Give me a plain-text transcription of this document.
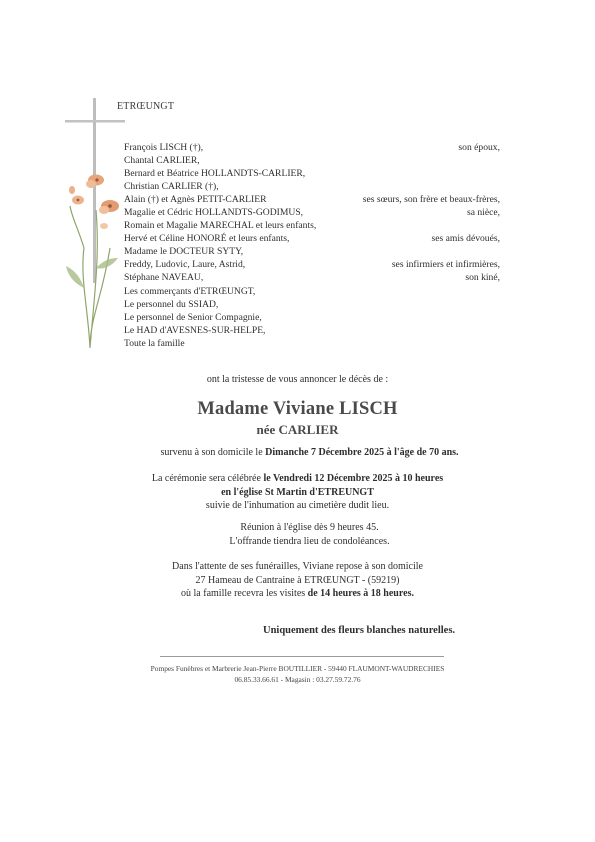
ETRŒUNGT
François LISCH (†),	son époux,
Chantal CARLIER,
Bernard et Béatrice HOLLANDTS-CARLIER,
Christian CARLIER (†),
Alain (†) et Agnès PETIT-CARLIER	ses sœurs, son frère et beaux-frères,
Magalie et Cédric HOLLANDTS-GODIMUS,	sa nièce,
Romain et Magalie MARECHAL et leurs enfants,
Hervé et Céline HONORÉ et leurs enfants,	ses amis dévoués,
Madame le DOCTEUR SYTY,
Freddy, Ludovic, Laure, Astrid,	ses infirmiers et infirmières,
Stéphane NAVEAU,	son kiné,
Les commerçants d'ETRŒUNGT,
Le personnel du SSIAD,
Le personnel de Senior Compagnie,
Le HAD d'AVESNES-SUR-HELPE,
Toute la famille
ont la tristesse de vous annoncer le décès de :
Madame Viviane LISCH
née CARLIER
survenu à son domicile le Dimanche 7 Décembre 2025 à l'âge de 70 ans.
La cérémonie sera célébrée le Vendredi 12 Décembre 2025 à 10 heures
en l'église St Martin d'ETREUNGT
suivie de l'inhumation au cimetière dudit lieu.
Réunion à l'église dès 9 heures 45.
L'offrande tiendra lieu de condoléances.
Dans l'attente de ses funérailles, Viviane repose à son domicile
27 Hameau de Cantraine à ETRŒUNGT - (59219)
où la famille recevra les visites de 14 heures à 18 heures.
Uniquement des fleurs blanches naturelles.
Pompes Funèbres et Marbrerie Jean-Pierre BOUTILLIER - 59440 FLAUMONT-WAUDRECHIES
06.85.33.66.61 - Magasin : 03.27.59.72.76
